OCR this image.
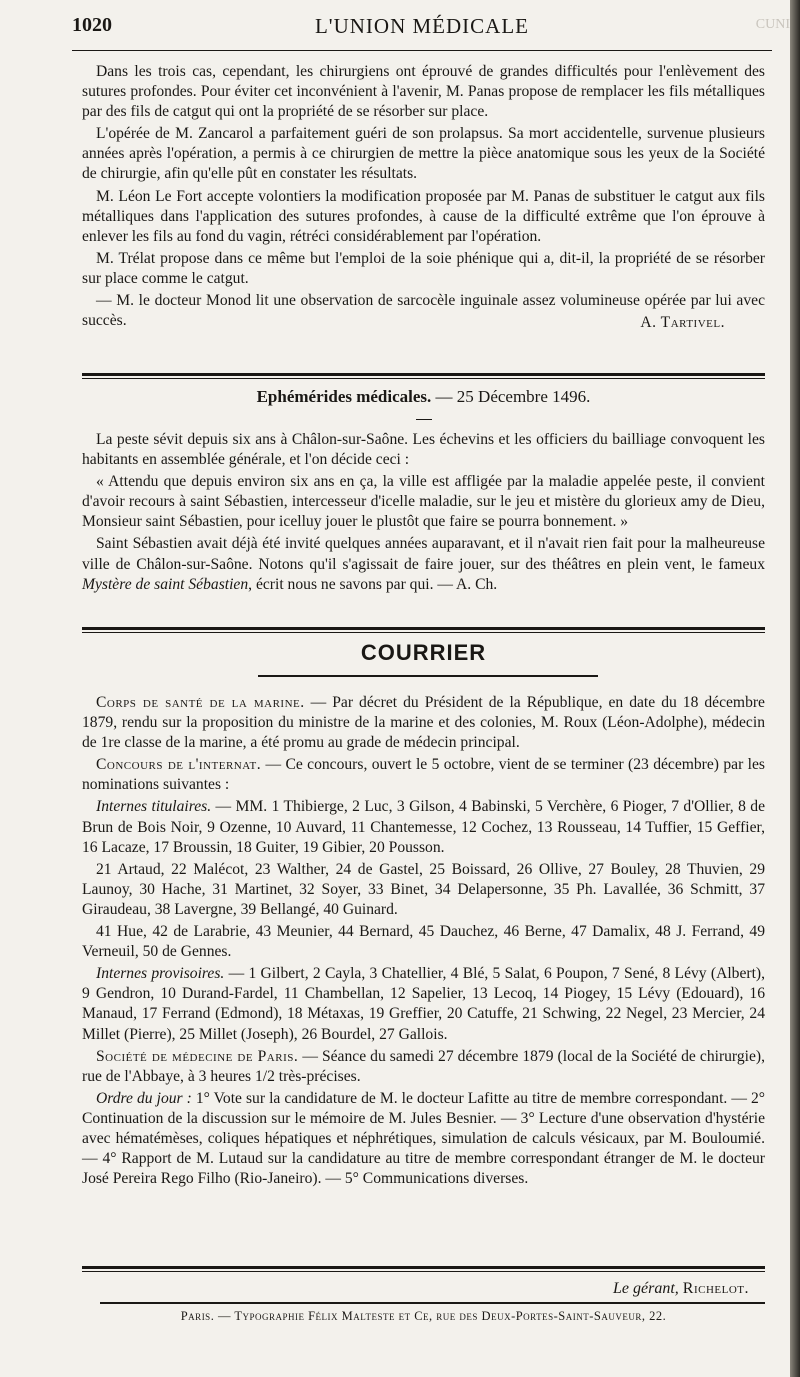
1020	L'UNION MÉDICALE	CUNI

Dans les trois cas, cependant, les chirurgiens ont éprouvé de grandes difficultés pour l'enlèvement des sutures profondes. Pour éviter cet inconvénient à l'avenir, M. Panas propose de remplacer les fils métalliques par des fils de catgut qui ont la propriété de se résorber sur place.

L'opérée de M. Zancarol a parfaitement guéri de son prolapsus. Sa mort accidentelle, survenue plusieurs années après l'opération, a permis à ce chirurgien de mettre la pièce anatomique sous les yeux de la Société de chirurgie, afin qu'elle pût en constater les résultats.

M. Léon Le Fort accepte volontiers la modification proposée par M. Panas de substituer le catgut aux fils métalliques dans l'application des sutures profondes, à cause de la difficulté extrême que l'on éprouve à enlever les fils au fond du vagin, rétréci considérablement par l'opération.

M. Trélat propose dans ce même but l'emploi de la soie phénique qui a, dit-il, la propriété de se résorber sur place comme le catgut.

— M. le docteur Monod lit une observation de sarcocèle inguinale assez volumineuse opérée par lui avec succès.	A. Tartivel.
Ephémérides médicales. — 25 Décembre 1496.

La peste sévit depuis six ans à Châlon-sur-Saône. Les échevins et les officiers du bailliage convoquent les habitants en assemblée générale, et l'on décide ceci :

« Attendu que depuis environ six ans en ça, la ville est affligée par la maladie appelée peste, il convient d'avoir recours à saint Sébastien, intercesseur d'icelle maladie, sur le jeu et mistère du glorieux amy de Dieu, Monsieur saint Sébastien, pour icelluy jouer le plustôt que faire se pourra bonnement. »

Saint Sébastien avait déjà été invité quelques années auparavant, et il n'avait rien fait pour la malheureuse ville de Châlon-sur-Saône. Notons qu'il s'agissait de faire jouer, sur des théâtres en plein vent, le fameux Mystère de saint Sébastien, écrit nous ne savons par qui. — A. Ch.

COURRIER

Corps de santé de la marine. — Par décret du Président de la République, en date du 18 décembre 1879, rendu sur la proposition du ministre de la marine et des colonies, M. Roux (Léon-Adolphe), médecin de 1re classe de la marine, a été promu au grade de médecin principal.

Concours de l'internat. — Ce concours, ouvert le 5 octobre, vient de se terminer (23 décembre) par les nominations suivantes :

Internes titulaires. — MM. 1 Thibierge, 2 Luc, 3 Gilson, 4 Babinski, 5 Verchère, 6 Pioger, 7 d'Ollier, 8 de Brun de Bois Noir, 9 Ozenne, 10 Auvard, 11 Chantemesse, 12 Cochez, 13 Rousseau, 14 Tuffier, 15 Geffier, 16 Lacaze, 17 Broussin, 18 Guiter, 19 Gibier, 20 Pousson.

21 Artaud, 22 Malécot, 23 Walther, 24 de Gastel, 25 Boissard, 26 Ollive, 27 Bouley, 28 Thuvien, 29 Launoy, 30 Hache, 31 Martinet, 32 Soyer, 33 Binet, 34 Delapersonne, 35 Ph. Lavallée, 36 Schmitt, 37 Giraudeau, 38 Lavergne, 39 Bellangé, 40 Guinard.

41 Hue, 42 de Larabrie, 43 Meunier, 44 Bernard, 45 Dauchez, 46 Berne, 47 Damalix, 48 J. Ferrand, 49 Verneuil, 50 de Gennes.

Internes provisoires. — 1 Gilbert, 2 Cayla, 3 Chatellier, 4 Blé, 5 Salat, 6 Poupon, 7 Sené, 8 Lévy (Albert), 9 Gendron, 10 Durand-Fardel, 11 Chambellan, 12 Sapelier, 13 Lecoq, 14 Piogey, 15 Lévy (Edouard), 16 Manaud, 17 Ferrand (Edmond), 18 Métaxas, 19 Greffier, 20 Catuffe, 21 Schwing, 22 Negel, 23 Mercier, 24 Millet (Pierre), 25 Millet (Joseph), 26 Bourdel, 27 Gallois.

Société de médecine de Paris. — Séance du samedi 27 décembre 1879 (local de la Société de chirurgie), rue de l'Abbaye, à 3 heures 1/2 très-précises.

Ordre du jour : 1° Vote sur la candidature de M. le docteur Lafitte au titre de membre correspondant. — 2° Continuation de la discussion sur le mémoire de M. Jules Besnier. — 3° Lecture d'une observation d'hystérie avec hématémèses, coliques hépatiques et néphrétiques, simulation de calculs vésicaux, par M. Bouloumié. — 4° Rapport de M. Lutaud sur la candidature au titre de membre correspondant étranger de M. le docteur José Pereira Rego Filho (Rio-Janeiro). — 5° Communications diverses.

Le gérant, Richelot.
Paris. — Typographie Félix Malteste et Ce, rue des Deux-Portes-Saint-Sauveur, 22.
